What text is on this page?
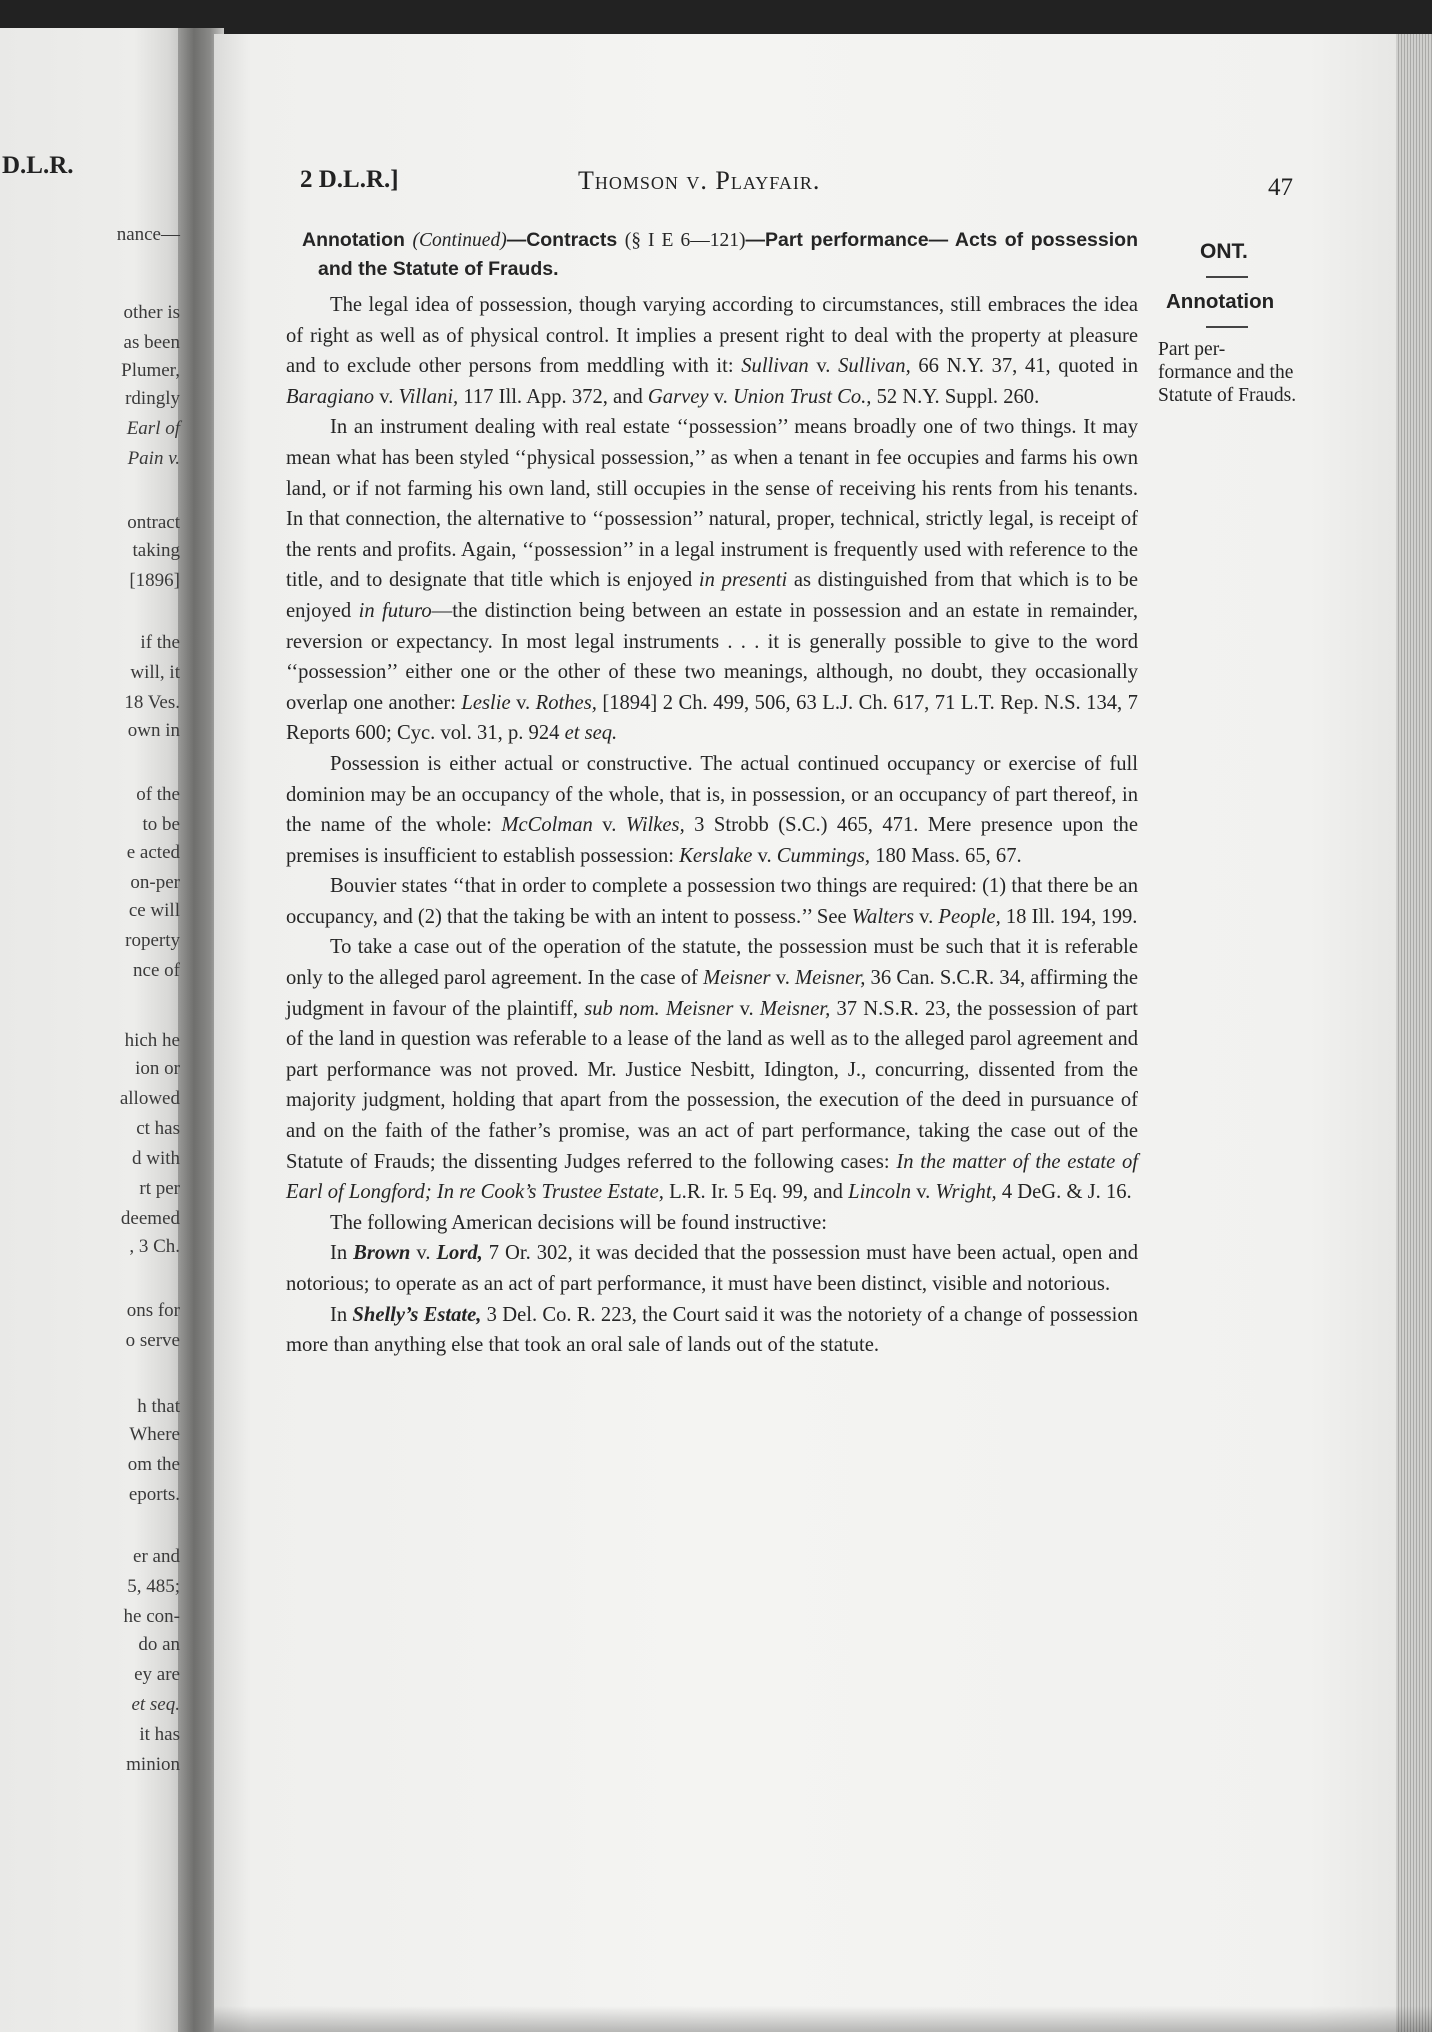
D.L.R.
nance—
other is
as been
Plumer,
rdingly
Earl of
Pain v.
ontract
taking
[1896]
if the
will, it
18 Ves.
own in
of the
to be
e acted
on-per
ce will
roperty
nce of
hich he
ion or
allowed
ct has
d with
rt per
deemed
, 3 Ch.
ons for
o serve
h that
Where
om the
eports.
er and
5, 485;
he con-
do an
ey are
et seq.
it has
minion
2 D.L.R.]	Thomson v. Playfair.	47
ONT.
Annotation
Part per- formance and the Statute of Frauds.
Annotation (Continued)—Contracts (§ I E 6—121)—Part performance— Acts of possession and the Statute of Frauds.

The legal idea of possession, though varying according to circumstances, still embraces the idea of right as well as of physical control. It implies a present right to deal with the property at pleasure and to exclude other persons from meddling with it: Sullivan v. Sullivan, 66 N.Y. 37, 41, quoted in Baragiano v. Villani, 117 Ill. App. 372, and Garvey v. Union Trust Co., 52 N.Y. Suppl. 260.

In an instrument dealing with real estate ‘‘possession’’ means broadly one of two things. It may mean what has been styled ‘‘physical possession,’’ as when a tenant in fee occupies and farms his own land, or if not farming his own land, still occupies in the sense of receiving his rents from his tenants. In that connection, the alternative to ‘‘possession’’ natural, proper, technical, strictly legal, is receipt of the rents and profits. Again, ‘‘possession’’ in a legal instrument is frequently used with reference to the title, and to designate that title which is enjoyed in presenti as distinguished from that which is to be enjoyed in futuro—the distinction being between an estate in possession and an estate in remainder, reversion or expectancy. In most legal instruments . . . it is generally possible to give to the word ‘‘possession’’ either one or the other of these two meanings, although, no doubt, they occasionally overlap one another: Leslie v. Rothes, [1894] 2 Ch. 499, 506, 63 L.J. Ch. 617, 71 L.T. Rep. N.S. 134, 7 Reports 600; Cyc. vol. 31, p. 924 et seq.

Possession is either actual or constructive. The actual continued occupancy or exercise of full dominion may be an occupancy of the whole, that is, in possession, or an occupancy of part thereof, in the name of the whole: McColman v. Wilkes, 3 Strobb (S.C.) 465, 471. Mere presence upon the premises is insufficient to establish possession: Kerslake v. Cummings, 180 Mass. 65, 67.

Bouvier states ‘‘that in order to complete a possession two things are required: (1) that there be an occupancy, and (2) that the taking be with an intent to possess.’’ See Walters v. People, 18 Ill. 194, 199.

To take a case out of the operation of the statute, the possession must be such that it is referable only to the alleged parol agreement. In the case of Meisner v. Meisner, 36 Can. S.C.R. 34, affirming the judgment in favour of the plaintiff, sub nom. Meisner v. Meisner, 37 N.S.R. 23, the possession of part of the land in question was referable to a lease of the land as well as to the alleged parol agreement and part performance was not proved. Mr. Justice Nesbitt, Idington, J., concurring, dissented from the majority judgment, holding that apart from the possession, the execution of the deed in pursuance of and on the faith of the father’s promise, was an act of part performance, taking the case out of the Statute of Frauds; the dissenting Judges referred to the following cases: In the matter of the estate of Earl of Longford; In re Cook’s Trustee Estate, L.R. Ir. 5 Eq. 99, and Lincoln v. Wright, 4 DeG. & J. 16.

The following American decisions will be found instructive:

In Brown v. Lord, 7 Or. 302, it was decided that the possession must have been actual, open and notorious; to operate as an act of part performance, it must have been distinct, visible and notorious.

In Shelly’s Estate, 3 Del. Co. R. 223, the Court said it was the notoriety of a change of possession more than anything else that took an oral sale of lands out of the statute.
